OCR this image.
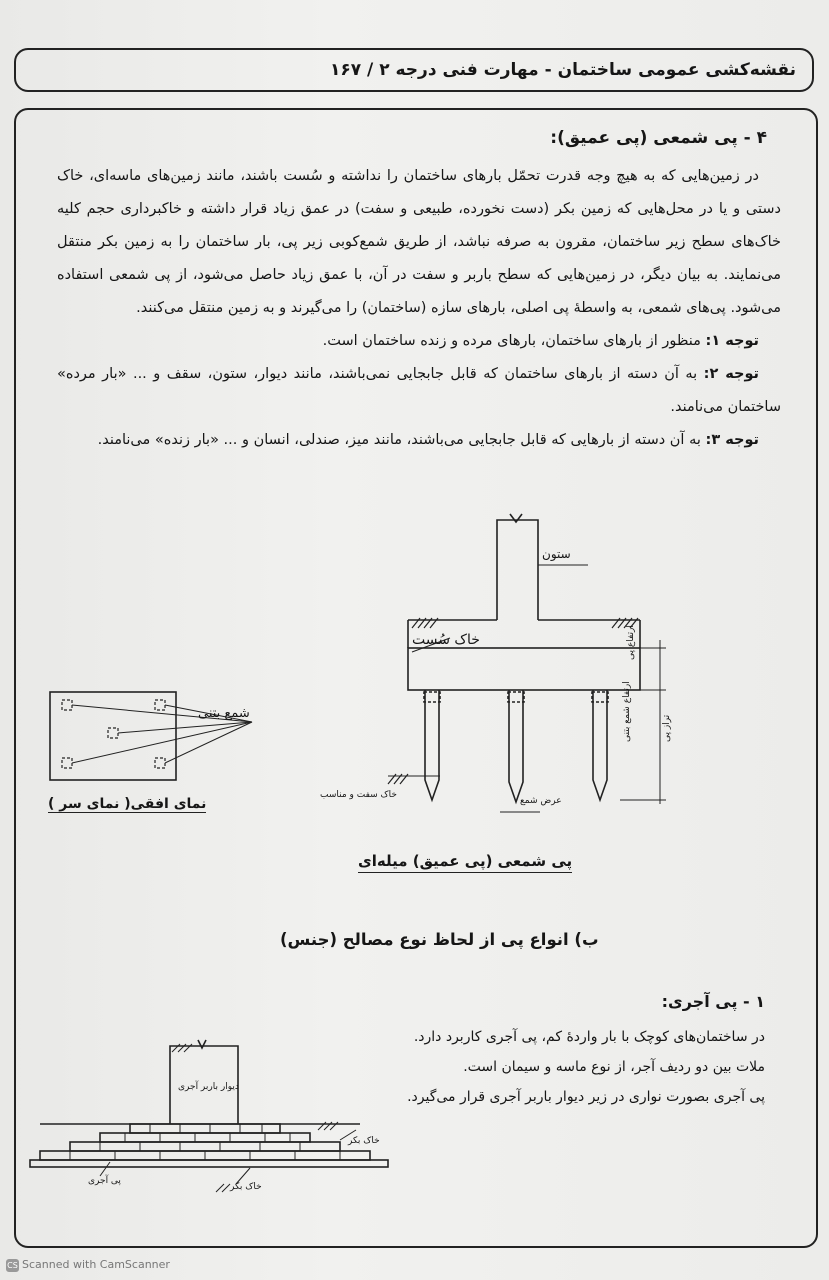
نقشه‌کشی عمومی ساختمان - مهارت فنی درجه ۲ / ۱۶۷
۴ - پی شمعی (پی عمیق):

در زمین‌هایی که به هیچ وجه قدرت تحمّل بارهای ساختمان را نداشته و سُست باشند، مانند زمین‌های ماسه‌ای، خاک دستی و یا در محل‌هایی که زمین بکر (دست نخورده، طبیعی و سفت) در عمق زیاد قرار داشته و خاکبرداری حجم کلیه خاک‌های سطح زیر ساختمان، مقرون به صرفه نباشد، از طریق شمع‌کوبی زیر پی، بار ساختمان را به زمین بکر منتقل می‌نمایند. به بیان دیگر، در زمین‌هایی که سطح باربر و سفت در آن، با عمق زیاد حاصل می‌شود، از پی شمعی استفاده می‌شود. پی‌های شمعی، به واسطهٔ پی اصلی، بارهای سازه (ساختمان) را می‌گیرند و به زمین منتقل می‌کنند.

توجه ۱: منظور از بارهای ساختمان، بارهای مرده و زنده ساختمان است.

توجه ۲: به آن دسته از بارهای ساختمان که قابل جابجایی نمی‌باشند، مانند دیوار، ستون، سقف و ... «بار مرده» ساختمان می‌نامند.

توجه ۳: به آن دسته از بارهایی که قابل جابجایی می‌باشند، مانند میز، صندلی، انسان و ... «بار زنده» می‌نامند.

ستون
خاک سُست
خاک سفت و مناسب
عرض شمع
ارتفاع پی
ارتفاع شمع بتنی	تراز پی
شمع بتنی
نمای افقی( نمای سر )
پی شمعی (پی عمیق) میله‌ای
ب) انواع پی از لحاظ نوع مصالح (جنس)
۱ - پی آجری:
در ساختمان‌های کوچک با بار واردهٔ کم، پی آجری کاربرد دارد.
ملات بین دو ردیف آجر، از نوع ماسه و سیمان است.
پی آجری بصورت نواری در زیر دیوار باربر آجری قرار می‌گیرد.
دیوار باربر آجری
خاک بکر
خاک بکر
پی آجری
CS Scanned with CamScanner
